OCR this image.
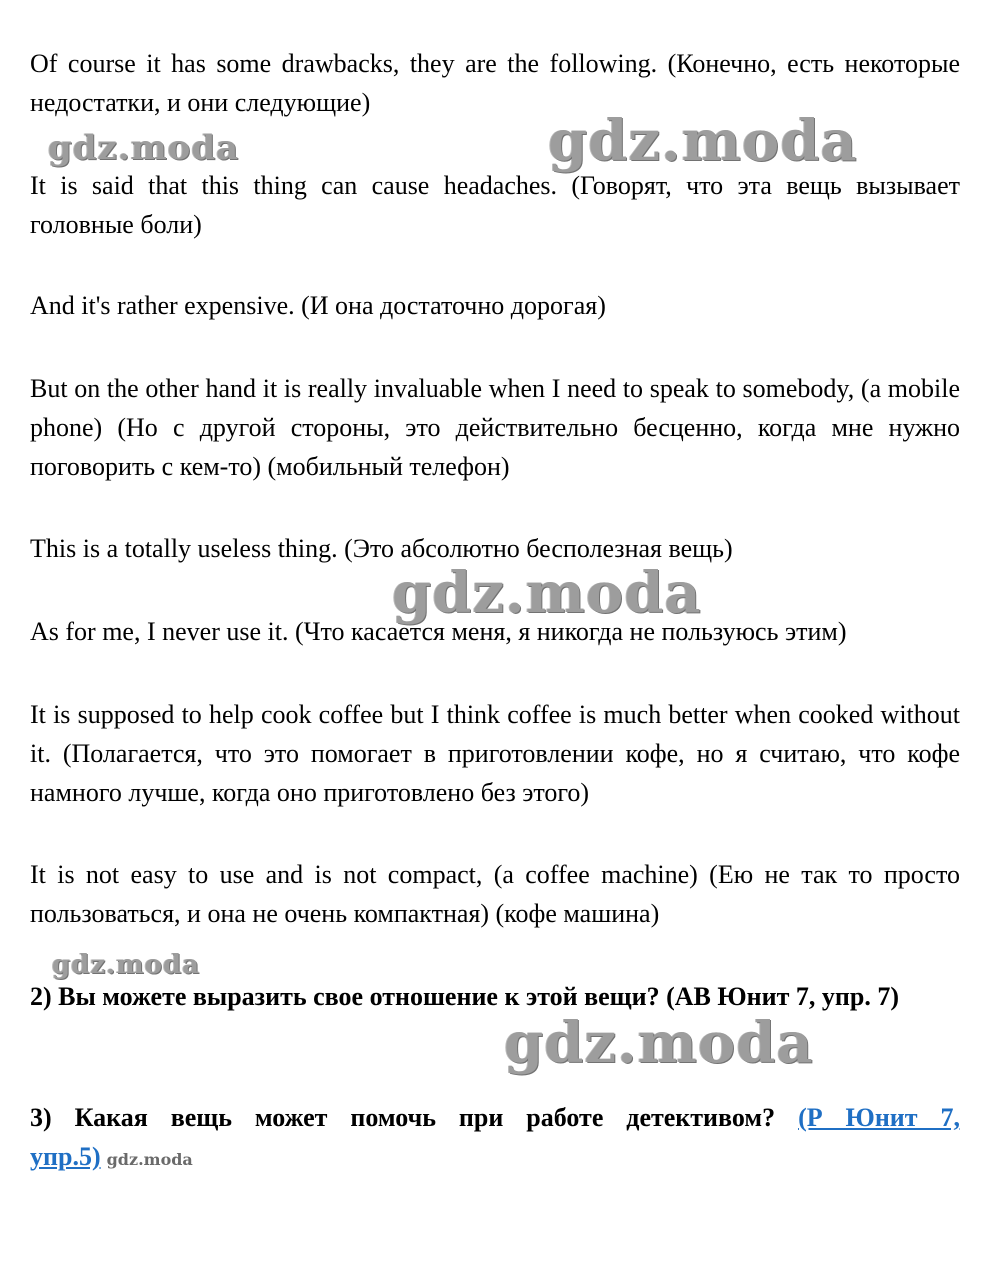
Of course it has some drawbacks, they are the following. (Конечно, есть некоторые недостатки, и они следующие)

gdz.moda	gdz.moda

It is said that this thing can cause headaches. (Говорят, что эта вещь вызывает головные боли)

And it's rather expensive. (И она достаточно дорогая)

But on the other hand it is really invaluable when I need to speak to somebody, (a mobile phone) (Но с другой стороны, это действительно бесценно, когда мне нужно поговорить с кем-то) (мобильный телефон)

This is a totally useless thing. (Это абсолютно бесполезная вещь)

gdz.moda

As for me, I never use it. (Что касается меня, я никогда не пользуюсь этим)

It is supposed to help cook coffee but I think coffee is much better when cooked without it. (Полагается, что это помогает в приготовлении кофе, но я считаю, что кофе намного лучше, когда оно приготовлено без этого)

It is not easy to use and is not compact, (a coffee machine) (Ею не так то просто пользоваться, и она не очень компактная) (кофе машина)

gdz.moda

2) Вы можете выразить свое отношение к этой вещи? (АВ Юнит 7, упр. 7)

gdz.moda

3) Какая вещь может помочь при работе детективом? (Р Юнит 7, упр.5) gdz.moda
